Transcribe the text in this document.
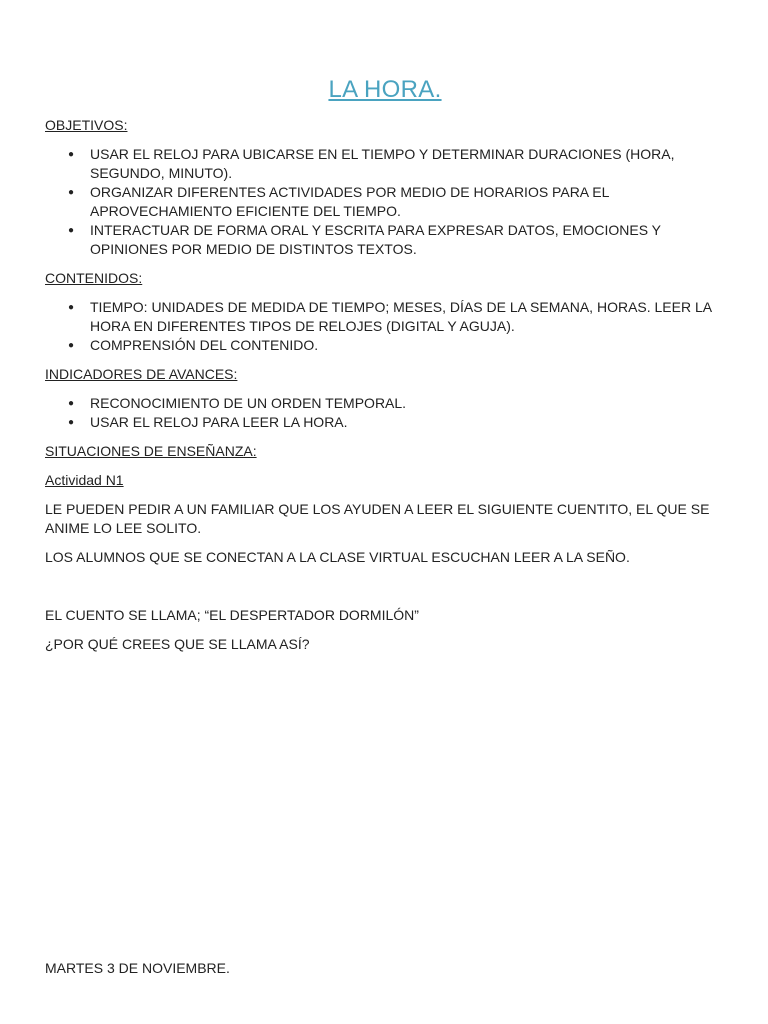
LA HORA.
OBJETIVOS:
● USAR EL RELOJ PARA UBICARSE EN EL TIEMPO Y DETERMINAR DURACIONES (HORA, SEGUNDO, MINUTO).
● ORGANIZAR DIFERENTES ACTIVIDADES POR MEDIO DE HORARIOS PARA EL APROVECHAMIENTO EFICIENTE DEL TIEMPO.
● INTERACTUAR DE FORMA ORAL Y ESCRITA PARA EXPRESAR DATOS, EMOCIONES Y OPINIONES POR MEDIO DE DISTINTOS TEXTOS.
CONTENIDOS:
● TIEMPO: UNIDADES DE MEDIDA DE TIEMPO; MESES, DÍAS DE LA SEMANA, HORAS. LEER LA HORA EN DIFERENTES TIPOS DE RELOJES (DIGITAL Y AGUJA).
● COMPRENSIÓN DEL CONTENIDO.
INDICADORES DE AVANCES:
● RECONOCIMIENTO DE UN ORDEN TEMPORAL.
● USAR EL RELOJ PARA LEER LA HORA.
SITUACIONES DE ENSEÑANZA:
Actividad N1
LE PUEDEN PEDIR A UN FAMILIAR QUE LOS AYUDEN A LEER EL SIGUIENTE CUENTITO, EL QUE SE ANIME LO LEE SOLITO.
LOS ALUMNOS QUE SE CONECTAN A LA CLASE VIRTUAL ESCUCHAN LEER A LA SEÑO.
EL CUENTO SE LLAMA; “EL DESPERTADOR DORMILÓN”
¿POR QUÉ CREES QUE SE LLAMA ASÍ?
MARTES 3 DE NOVIEMBRE.
